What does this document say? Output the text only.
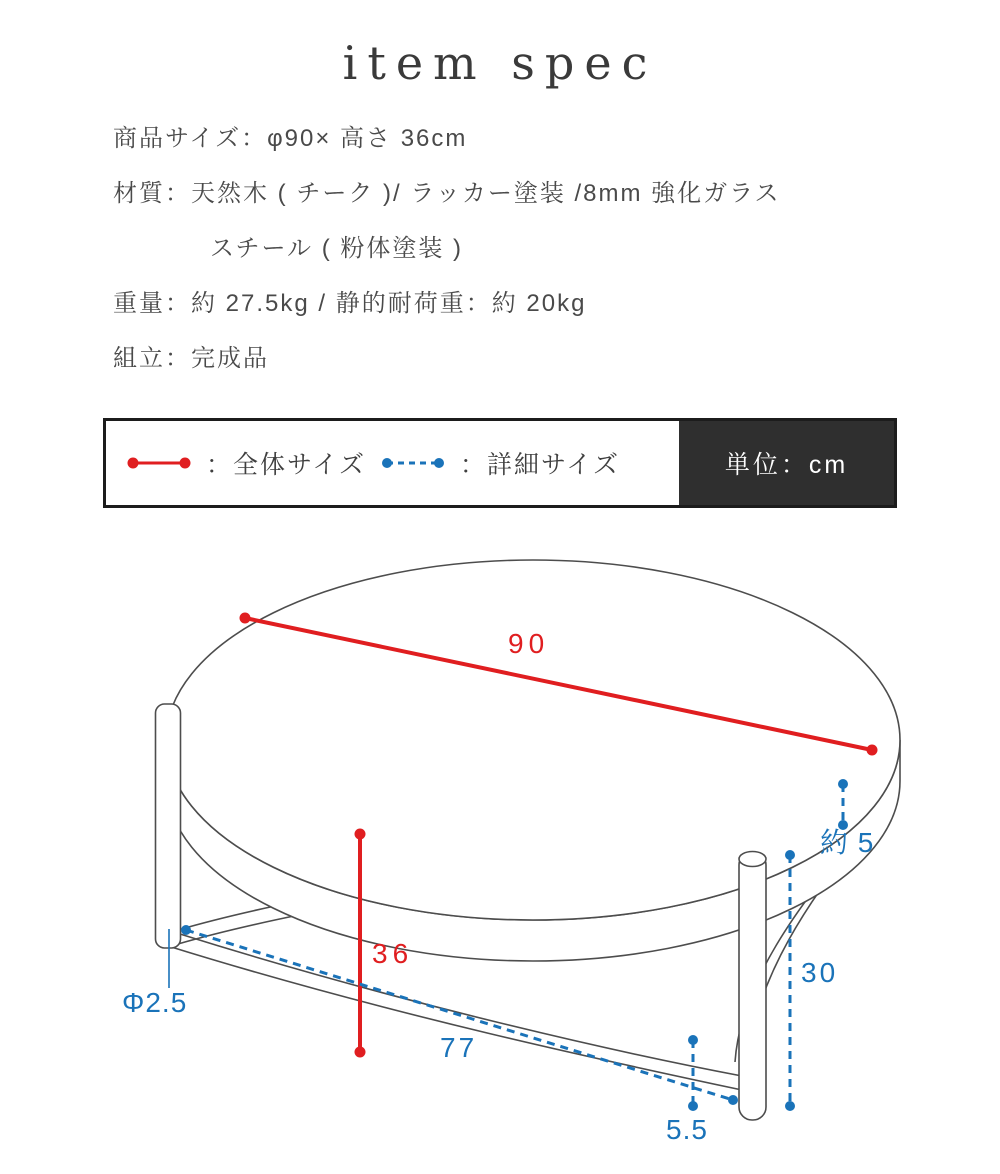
item spec
商品サイズ：φ90× 高さ 36cm
材質：天然木 ( チーク )/ ラッカー塗装 /8mm 強化ガラス
スチール ( 粉体塗装 )
重量：約 27.5kg / 静的耐荷重：約 20kg
組立：完成品
：全体サイズ	：詳細サイズ	単位：cm
90
36
約 5
30
77
5.5
Φ2.5
